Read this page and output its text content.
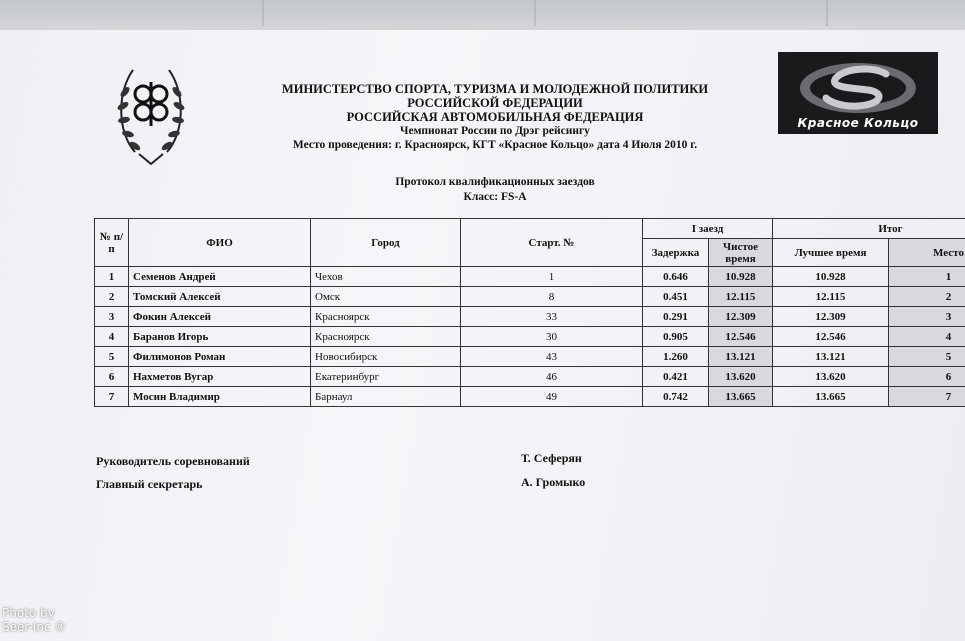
Красное Кольцо
МИНИСТЕРСТВО СПОРТА, ТУРИЗМА И МОЛОДЕЖНОЙ ПОЛИТИКИ
РОССИЙСКОЙ ФЕДЕРАЦИИ
РОССИЙСКАЯ АВТОМОБИЛЬНАЯ ФЕДЕРАЦИЯ
Чемпионат России по Дрэг рейсингу
Место проведения: г. Красноярск, КГТ «Красное Кольцо» дата 4 Июля 2010 г.
Протокол квалификационных заездов
Класс: FS-A
№ п/п	ФИО	Город	Старт. №	I заезд		Итог	
				Задержка	Чистое время	Лучшее время	Место
1	Семенов Андрей	Чехов	1	0.646	10.928	10.928	1
2	Томский Алексей	Омск	8	0.451	12.115	12.115	2
3	Фокин Алексей	Красноярск	33	0.291	12.309	12.309	3
4	Баранов Игорь	Красноярск	30	0.905	12.546	12.546	4
5	Филимонов Роман	Новосибирск	43	1.260	13.121	13.121	5
6	Нахметов Вугар	Екатеринбург	46	0.421	13.620	13.620	6
7	Мосин Владимир	Барнаул	49	0.742	13.665	13.665	7
Руководитель соревнований	Т. Сеферян
Главный секретарь	А. Громыко
Photo by
Seer-Inc ©
